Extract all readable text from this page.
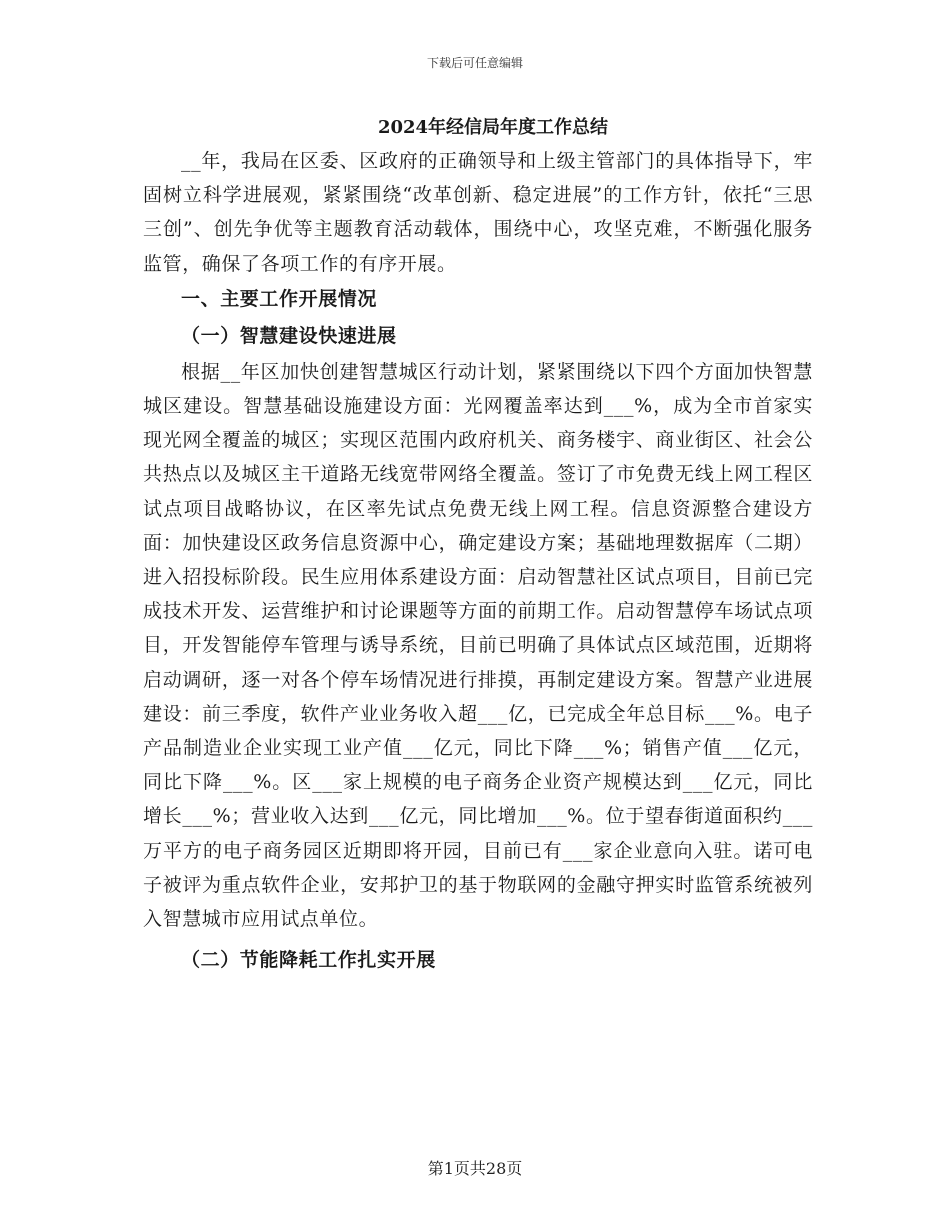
下载后可任意编辑
2024年经信局年度工作总结

__年，我局在区委、区政府的正确领导和上级主管部门的具体指导下，牢固树立科学进展观，紧紧围绕“改革创新、稳定进展”的工作方针，依托“三思三创”、创先争优等主题教育活动载体，围绕中心，攻坚克难，不断强化服务监管，确保了各项工作的有序开展。

一、主要工作开展情况

（一）智慧建设快速进展

根据__年区加快创建智慧城区行动计划，紧紧围绕以下四个方面加快智慧城区建设。智慧基础设施建设方面：光网覆盖率达到___%，成为全市首家实现光网全覆盖的城区；实现区范围内政府机关、商务楼宇、商业街区、社会公共热点以及城区主干道路无线宽带网络全覆盖。签订了市免费无线上网工程区试点项目战略协议，在区率先试点免费无线上网工程。信息资源整合建设方面：加快建设区政务信息资源中心，确定建设方案；基础地理数据库（二期）进入招投标阶段。民生应用体系建设方面：启动智慧社区试点项目，目前已完成技术开发、运营维护和讨论课题等方面的前期工作。启动智慧停车场试点项目，开发智能停车管理与诱导系统，目前已明确了具体试点区域范围，近期将启动调研，逐一对各个停车场情况进行排摸，再制定建设方案。智慧产业进展建设：前三季度，软件产业业务收入超___亿，已完成全年总目标___%。电子产品制造业企业实现工业产值___亿元，同比下降___%；销售产值___亿元，同比下降___%。区___家上规模的电子商务企业资产规模达到___亿元，同比增长___%；营业收入达到___亿元，同比增加___%。位于望春街道面积约___万平方的电子商务园区近期即将开园，目前已有___家企业意向入驻。诺可电子被评为重点软件企业，安邦护卫的基于物联网的金融守押实时监管系统被列入智慧城市应用试点单位。

（二）节能降耗工作扎实开展

第1页共28页
